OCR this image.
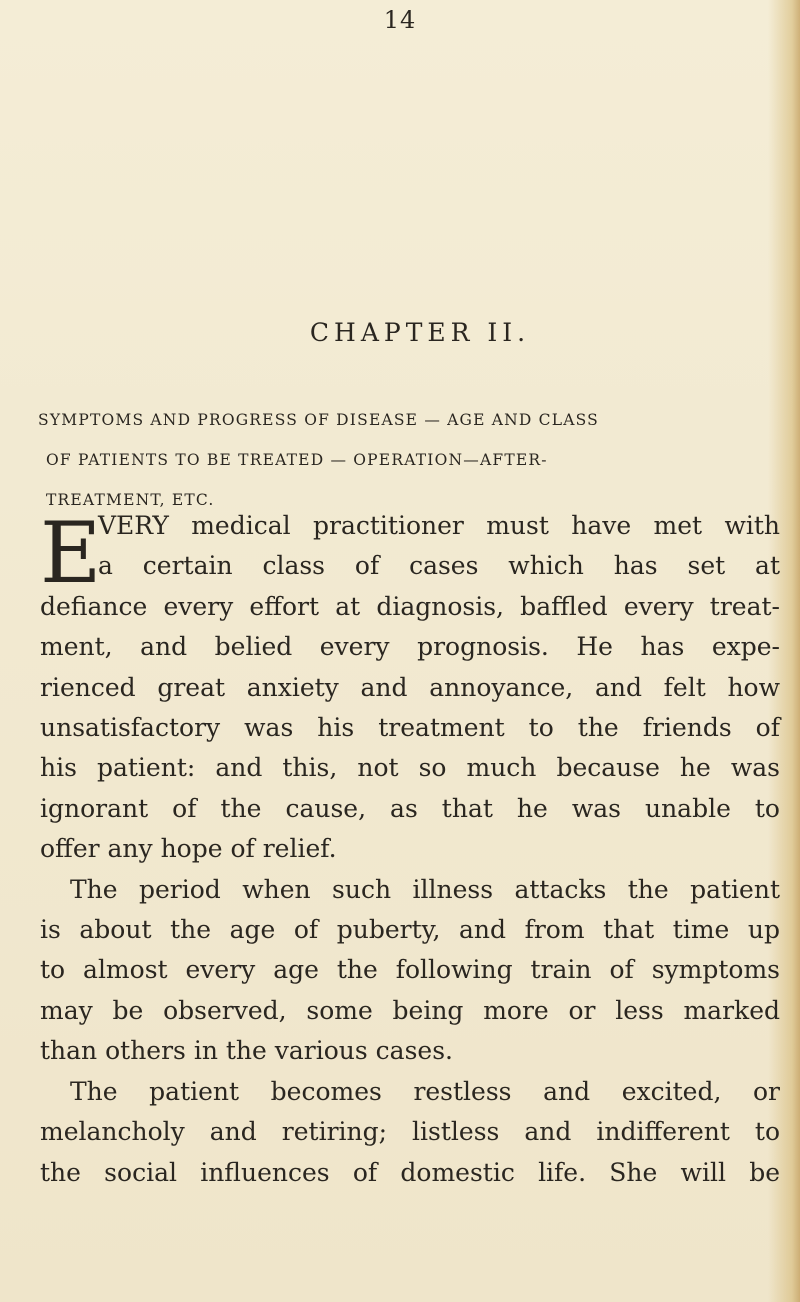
14
CHAPTER II.
SYMPTOMS AND PROGRESS OF DISEASE — AGE AND CLASS
OF PATIENTS TO BE TREATED — OPERATION—AFTER-
TREATMENT, ETC.
E
VERY medical practitioner must have met with
a certain class of cases which has set at
defiance every effort at diagnosis, baffled every treat-
ment, and belied every prognosis. He has expe-
rienced great anxiety and annoyance, and felt how
unsatisfactory was his treatment to the friends of
his patient: and this, not so much because he was
ignorant of the cause, as that he was unable to
offer any hope of relief.
The period when such illness attacks the patient
is about the age of puberty, and from that time up
to almost every age the following train of symptoms
may be observed, some being more or less marked
than others in the various cases.
The patient becomes restless and excited, or
melancholy and retiring; listless and indifferent to
the social influences of domestic life. She will be
